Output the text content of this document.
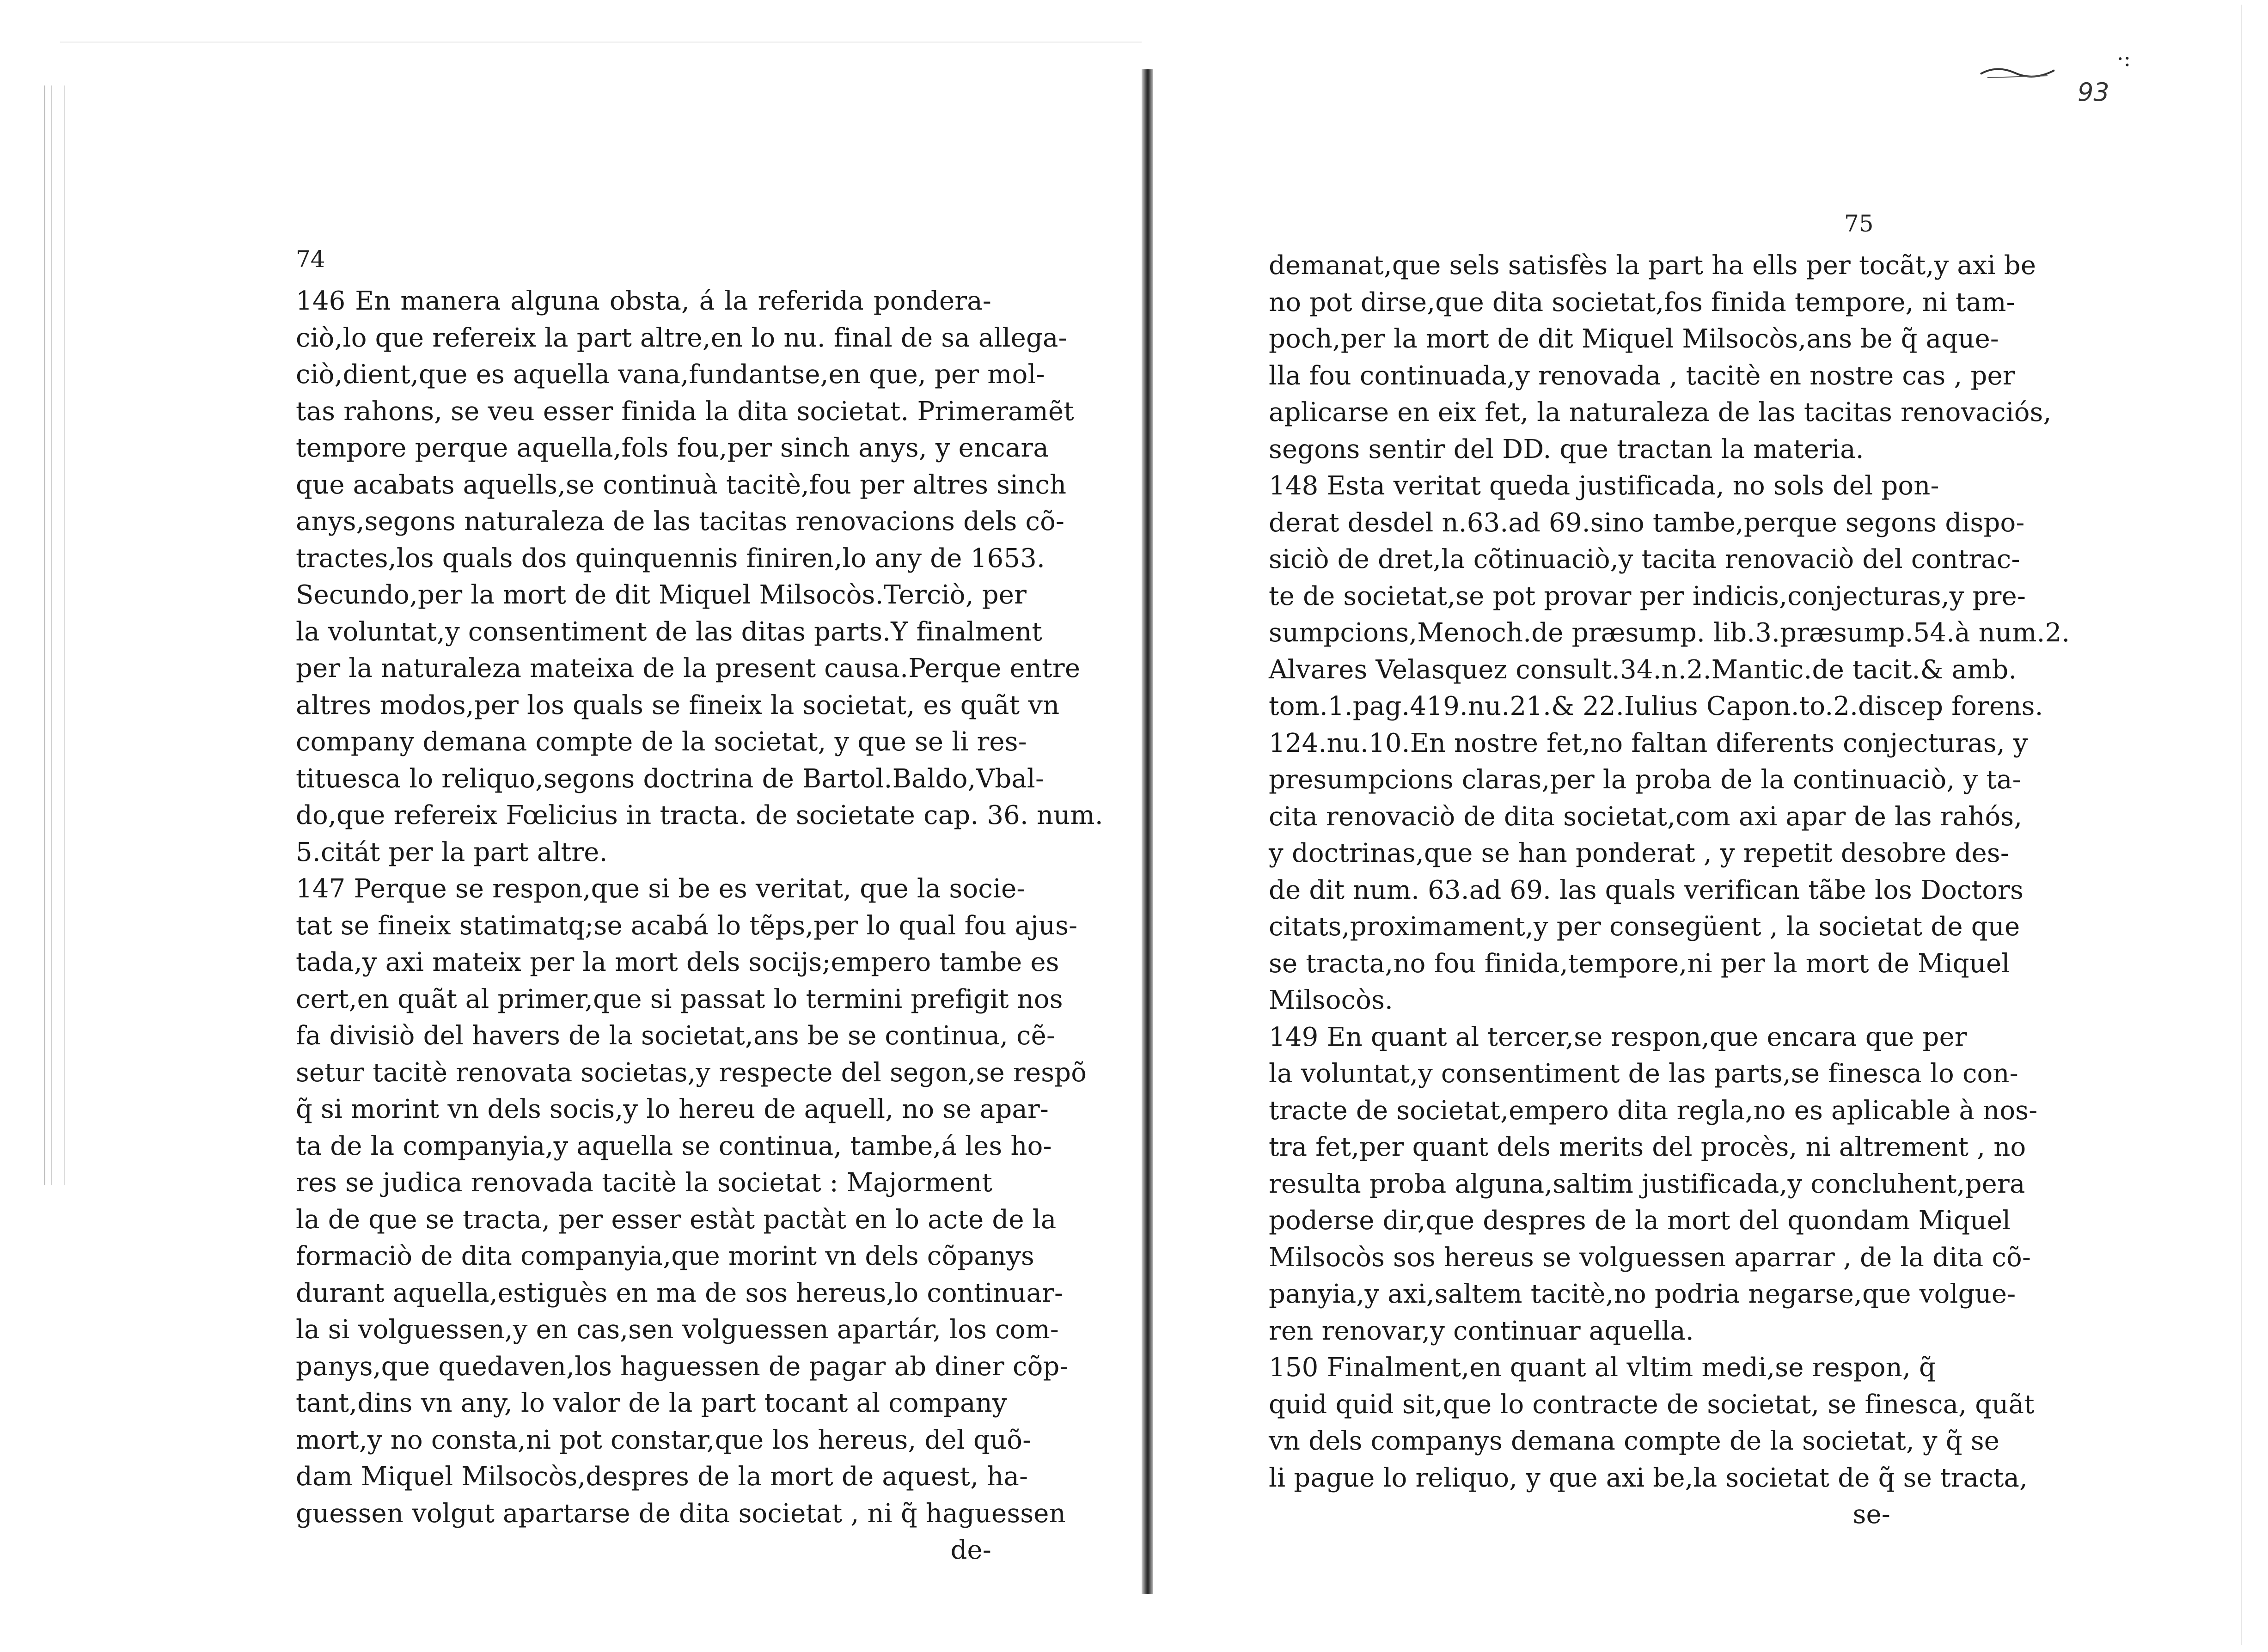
146 En manera alguna obsta, á la referida pondera-
ciò,lo que refereix la part altre,en lo nu. final de sa allega-
ciò,dient,que es aquella vana,fundantse,en que, per mol-
tas rahons, se veu esser finida la dita societat. Primeramẽt
tempore perque aquella,fols fou,per sinch anys, y encara
que acabats aquells,se continuà tacitè,fou per altres sinch
anys,segons naturaleza de las tacitas renovacions dels cõ-
tractes,los quals dos quinquennis finiren,lo any de 1653.
Secundo,per la mort de dit Miquel Milsocòs.Terciò, per
la voluntat,y consentiment de las ditas parts.Y finalment
per la naturaleza mateixa de la present causa.Perque entre
altres modos,per los quals se fineix la societat, es quãt vn
company demana compte de la societat, y que se li res-
tituesca lo reliquo,segons doctrina de Bartol.Baldo,Vbal-
do,que refereix Fœlicius in tracta. de societate cap. 36. num.
5.citát per la part altre.
147 Perque se respon,que si be es veritat, que la socie-
tat se fineix statimatq;se acabá lo tẽps,per lo qual fou ajus-
tada,y axi mateix per la mort dels socijs;empero tambe es
cert,en quãt al primer,que si passat lo termini prefigit nos
fa divisiò del havers de la societat,ans be se continua, cẽ-
setur tacitè renovata societas,y respecte del segon,se respõ
q̃ si morint vn dels socis,y lo hereu de aquell, no se apar-
ta de la companyia,y aquella se continua, tambe,á les ho-
res se judica renovada tacitè la societat : Majorment
la de que se tracta, per esser estàt pactàt en lo acte de la
formaciò de dita companyia,que morint vn dels cõpanys
durant aquella,estiguès en ma de sos hereus,lo continuar-
la si volguessen,y en cas,sen volguessen apartár, los com-
panys,que quedaven,los haguessen de pagar ab diner cõp-
tant,dins vn any, lo valor de la part tocant al company
mort,y no consta,ni pot constar,que los hereus, del quõ-
dam Miquel Milsocòs,despres de la mort de aquest, ha-
guessen volgut apartarse de dita societat , ni q̃ haguessen
de-
74
·:
93
demanat,que sels satisfès la part ha ells per tocãt,y axi be
no pot dirse,que dita societat,fos finida tempore, ni tam-
poch,per la mort de dit Miquel Milsocòs,ans be q̃ aque-
lla fou continuada,y renovada , tacitè en nostre cas , per
aplicarse en eix fet, la naturaleza de las tacitas renovaciós,
segons sentir del DD. que tractan la materia.
148 Esta veritat queda justificada, no sols del pon-
derat desdel n.63.ad 69.sino tambe,perque segons dispo-
siciò de dret,la cõtinuaciò,y tacita renovaciò del contrac-
te de societat,se pot provar per indicis,conjecturas,y pre-
sumpcions,Menoch.de præsump. lib.3.præsump.54.à num.2.
Alvares Velasquez consult.34.n.2.Mantic.de tacit.& amb.
tom.1.pag.419.nu.21.& 22.Iulius Capon.to.2.discep forens.
124.nu.10.En nostre fet,no faltan diferents conjecturas, y
presumpcions claras,per la proba de la continuaciò, y ta-
cita renovaciò de dita societat,com axi apar de las rahós,
y doctrinas,que se han ponderat , y repetit desobre des-
de dit num. 63.ad 69. las quals verifican tãbe los Doctors
citats,proximament,y per consegüent , la societat de que
se tracta,no fou finida,tempore,ni per la mort de Miquel
Milsocòs.
149 En quant al tercer,se respon,que encara que per
la voluntat,y consentiment de las parts,se finesca lo con-
tracte de societat,empero dita regla,no es aplicable à nos-
tra fet,per quant dels merits del procès, ni altrement , no
resulta proba alguna,saltim justificada,y concluhent,pera
poderse dir,que despres de la mort del quondam Miquel
Milsocòs sos hereus se volguessen aparrar , de la dita cõ-
panyia,y axi,saltem tacitè,no podria negarse,que volgue-
ren renovar,y continuar aquella.
150 Finalment,en quant al vltim medi,se respon, q̃
quid quid sit,que lo contracte de societat, se finesca, quãt
vn dels companys demana compte de la societat, y q̃ se
li pague lo reliquo, y que axi be,la societat de q̃ se tracta,
se-
75
